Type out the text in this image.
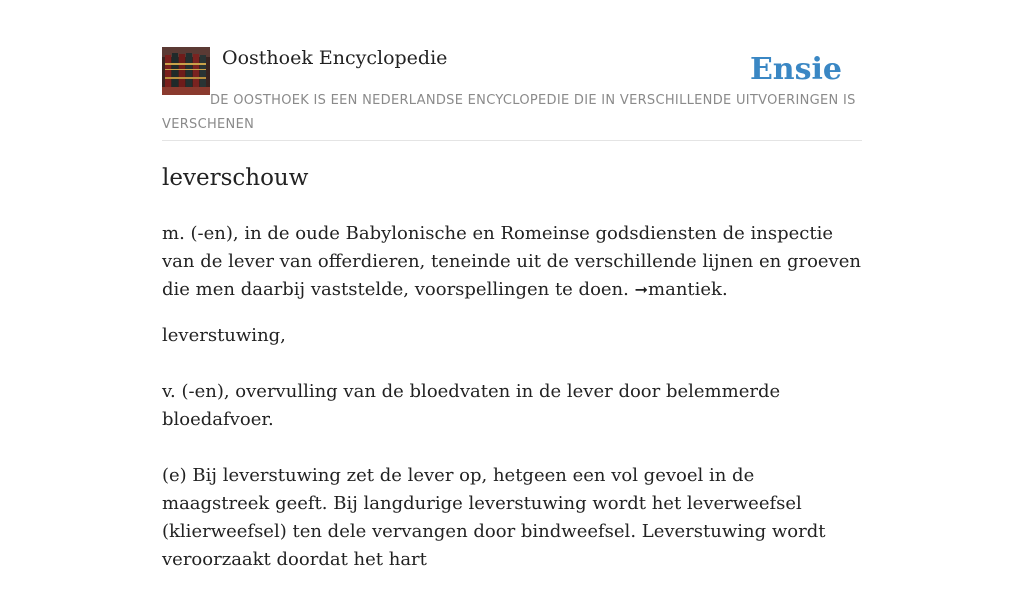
Oosthoek Encyclopedie	Ensie
DE OOSTHOEK IS EEN NEDERLANDSE ENCYCLOPEDIE DIE IN VERSCHILLENDE UITVOERINGEN IS VERSCHENEN
leverschouw

m. (-en), in de oude Babylonische en Romeinse godsdiensten de inspectie van de lever van offerdieren, teneinde uit de verschillende lijnen en groeven die men daarbij vaststelde, voorspellingen te doen. ➞mantiek.

leverstuwing,

v. (-en), overvulling van de bloedvaten in de lever door belemmerde bloedafvoer.

(e) Bij leverstuwing zet de lever op, hetgeen een vol gevoel in de maagstreek geeft. Bij langdurige leverstuwing wordt het leverweefsel (klierweefsel) ten dele vervangen door bindweefsel. Leverstuwing wordt veroorzaakt doordat het hart
